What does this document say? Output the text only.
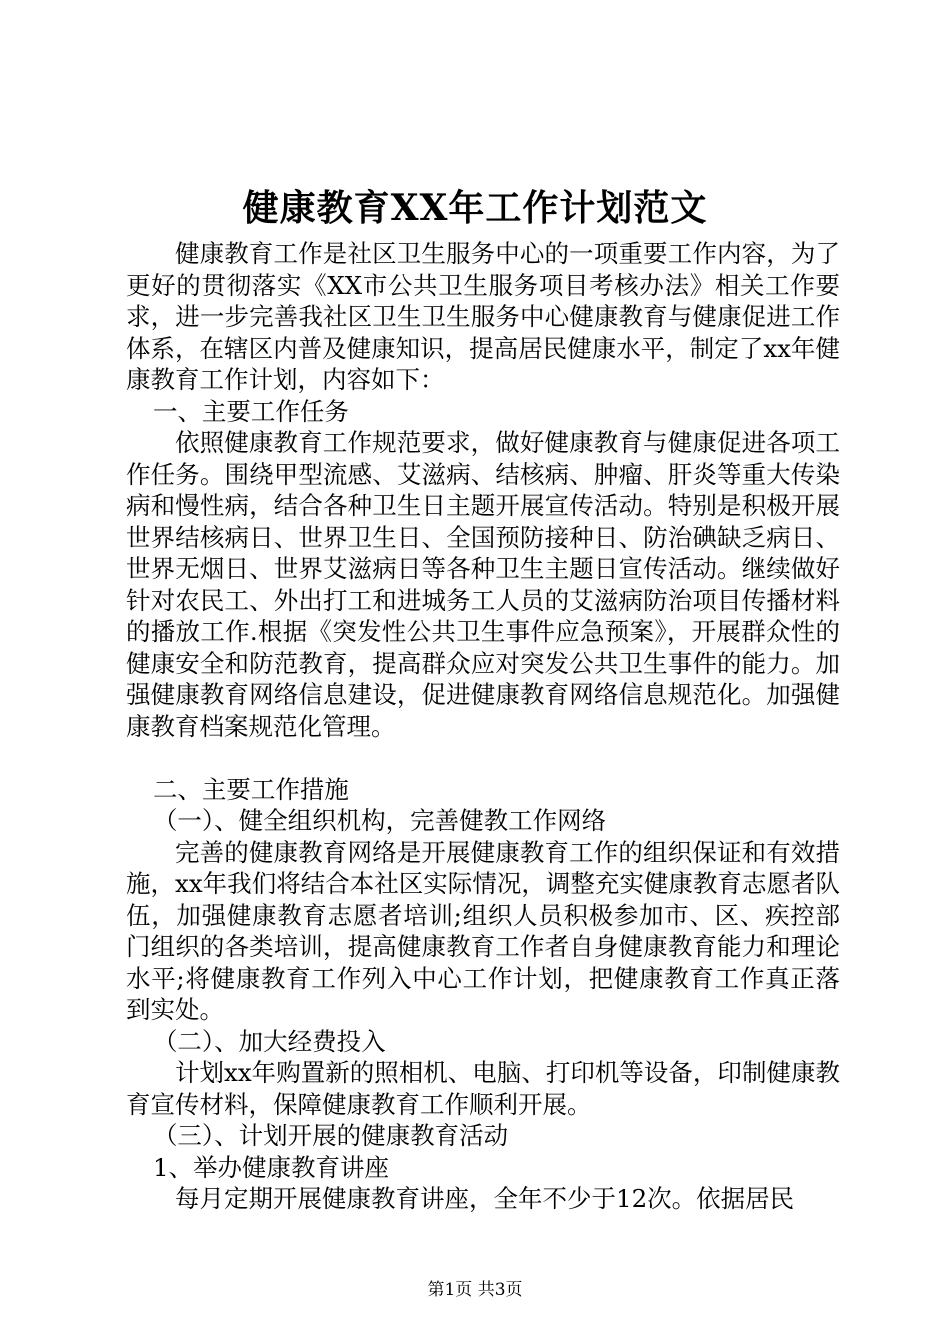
健康教育XX年工作计划范文

健康教育工作是社区卫生服务中心的一项重要工作内容，为了更好的贯彻落实《XX市公共卫生服务项目考核办法》相关工作要求，进一步完善我社区卫生卫生服务中心健康教育与健康促进工作体系，在辖区内普及健康知识，提高居民健康水平，制定了xx年健康教育工作计划，内容如下：

一、主要工作任务

依照健康教育工作规范要求，做好健康教育与健康促进各项工作任务。围绕甲型流感、艾滋病、结核病、肿瘤、肝炎等重大传染病和慢性病，结合各种卫生日主题开展宣传活动。特别是积极开展世界结核病日、世界卫生日、全国预防接种日、防治碘缺乏病日、世界无烟日、世界艾滋病日等各种卫生主题日宣传活动。继续做好针对农民工、外出打工和进城务工人员的艾滋病防治项目传播材料的播放工作.根据《突发性公共卫生事件应急预案》，开展群众性的健康安全和防范教育，提高群众应对突发公共卫生事件的能力。加强健康教育网络信息建设，促进健康教育网络信息规范化。加强健康教育档案规范化管理。

二、主要工作措施

（一）、健全组织机构，完善健教工作网络

完善的健康教育网络是开展健康教育工作的组织保证和有效措施，xx年我们将结合本社区实际情况，调整充实健康教育志愿者队伍，加强健康教育志愿者培训;组织人员积极参加市、区、疾控部门组织的各类培训，提高健康教育工作者自身健康教育能力和理论水平;将健康教育工作列入中心工作计划，把健康教育工作真正落到实处。

（二）、加大经费投入

计划xx年购置新的照相机、电脑、打印机等设备，印制健康教育宣传材料，保障健康教育工作顺利开展。

（三）、计划开展的健康教育活动

1、举办健康教育讲座

每月定期开展健康教育讲座，全年不少于12次。依据居民

第1页 共3页
